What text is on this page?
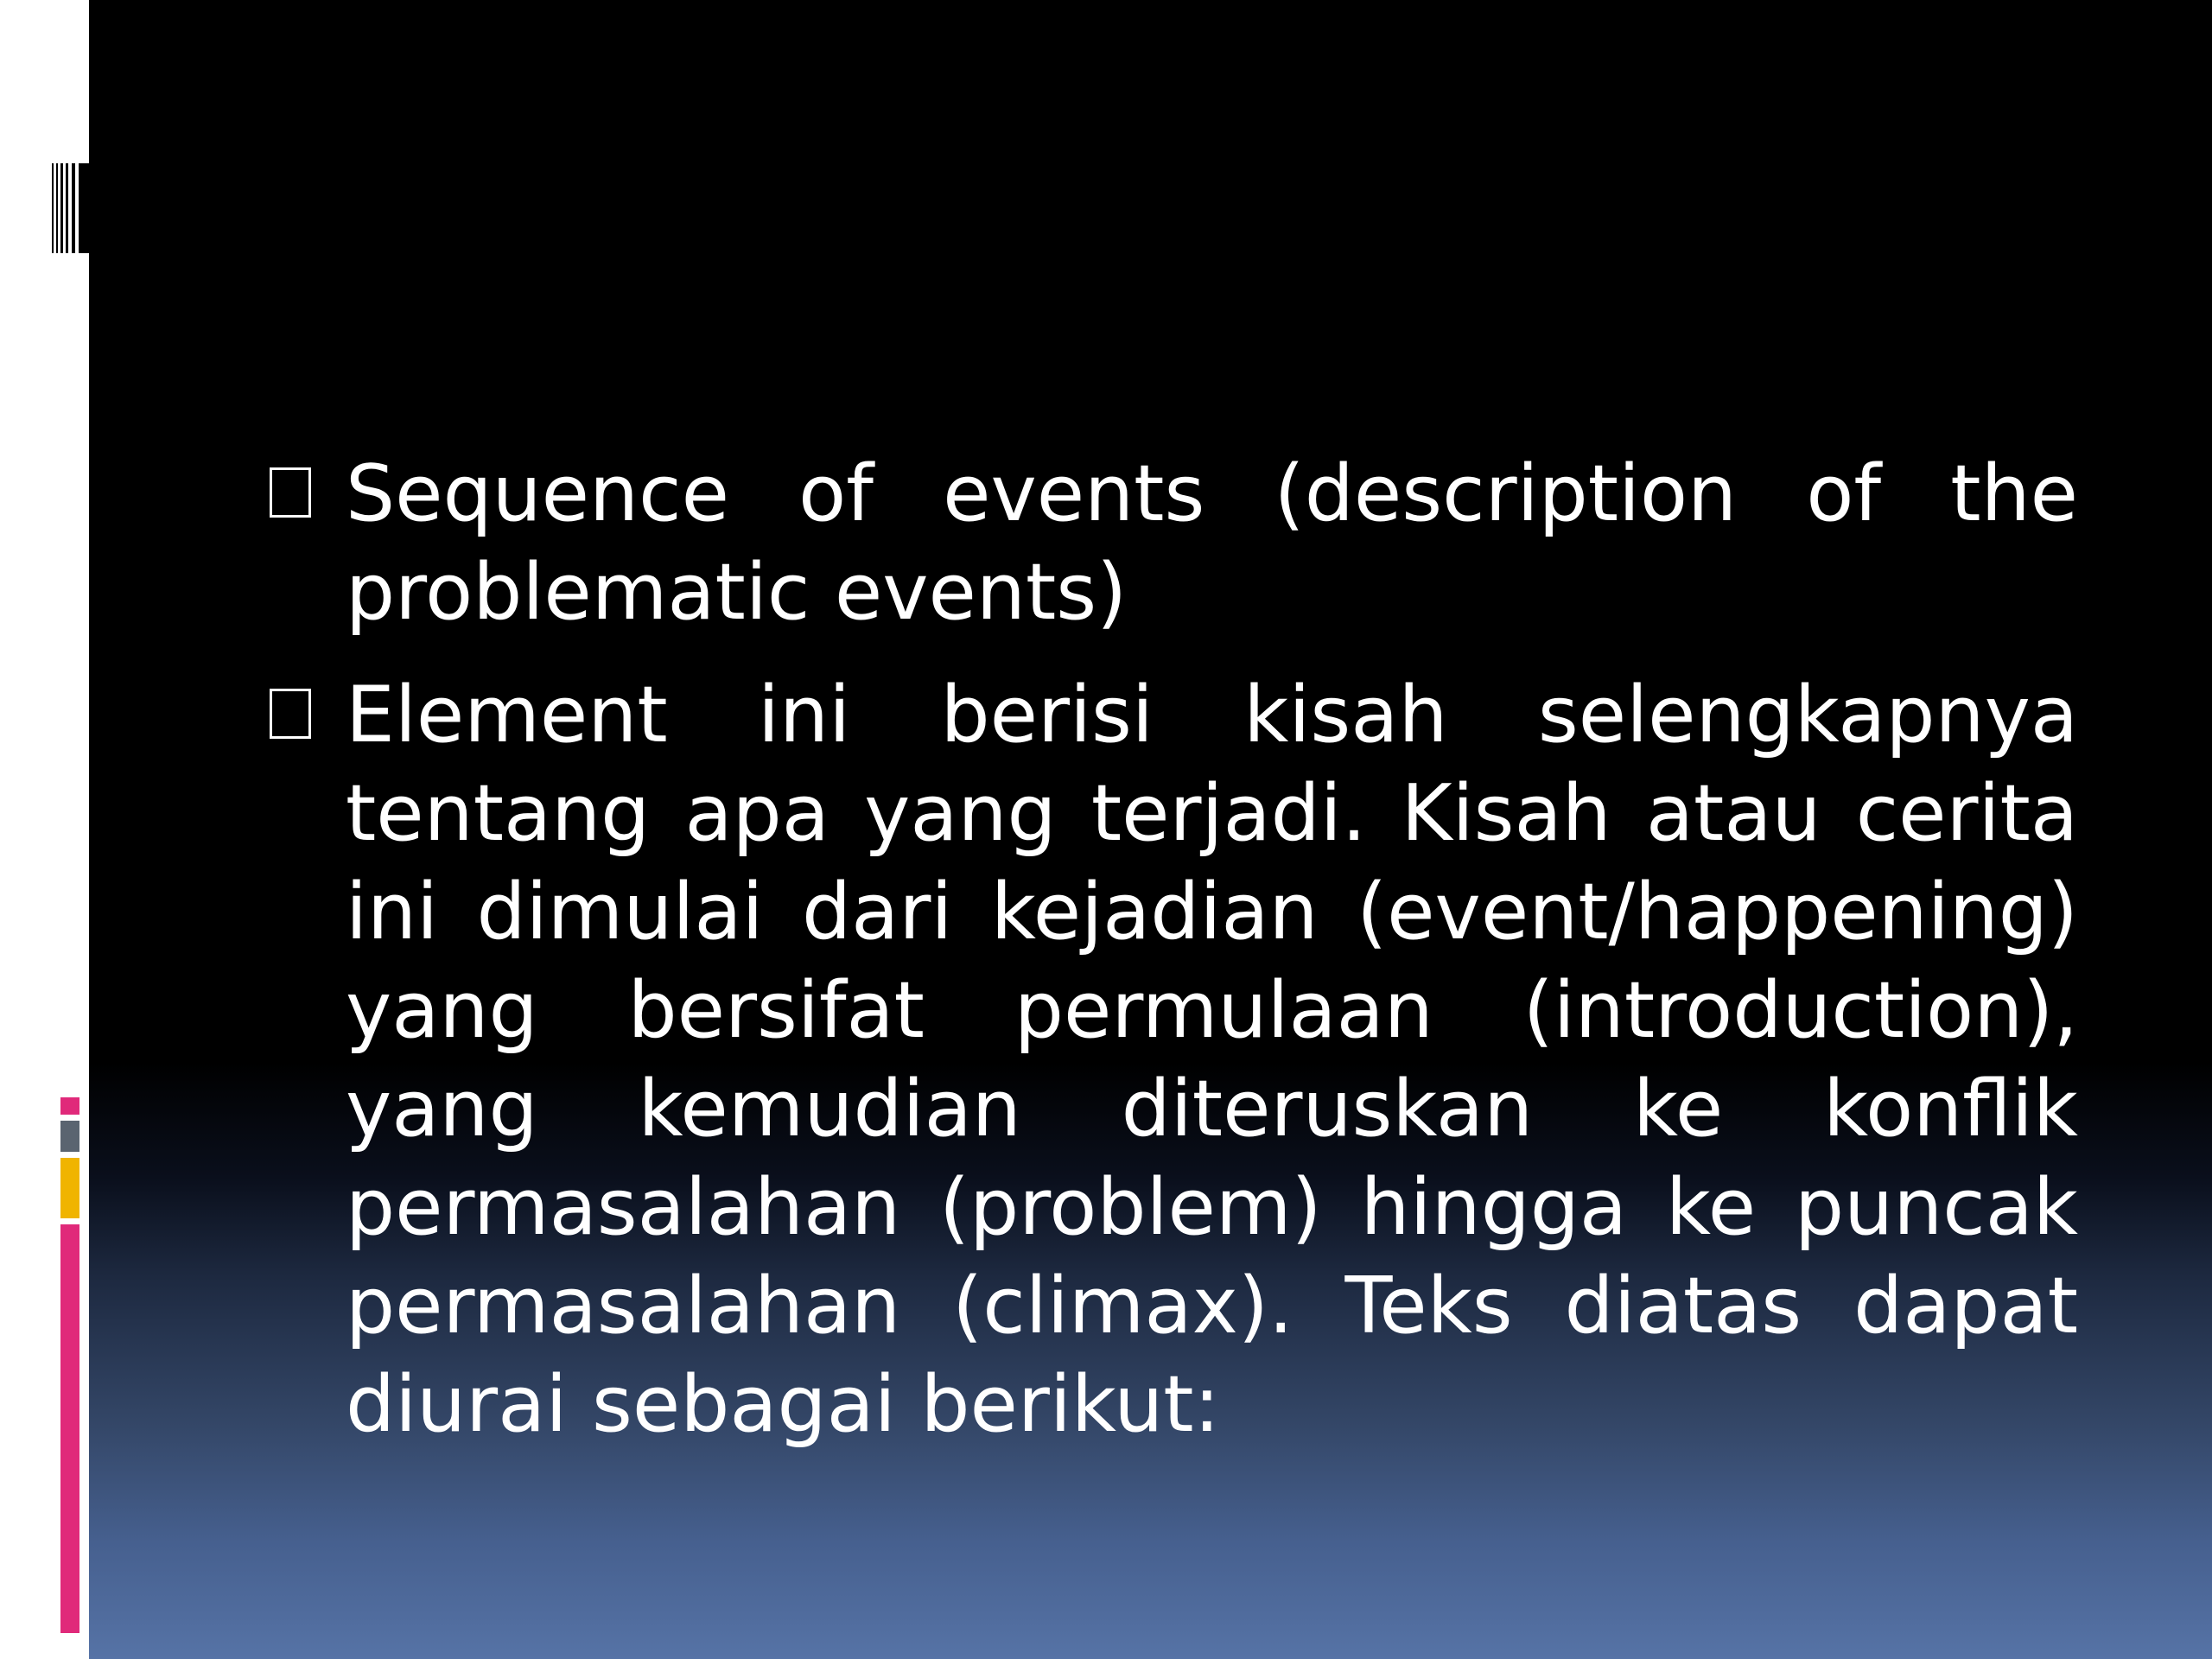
Sequence of events (description of the problematic events)
Element ini berisi kisah selengkapnya tentang apa yang terjadi. Kisah atau cerita ini dimulai dari kejadian (event/happening) yang bersifat permulaan (introduction), yang kemudian diteruskan ke konflik permasalahan (problem) hingga ke puncak permasalahan (climax). Teks diatas dapat diurai sebagai berikut:
